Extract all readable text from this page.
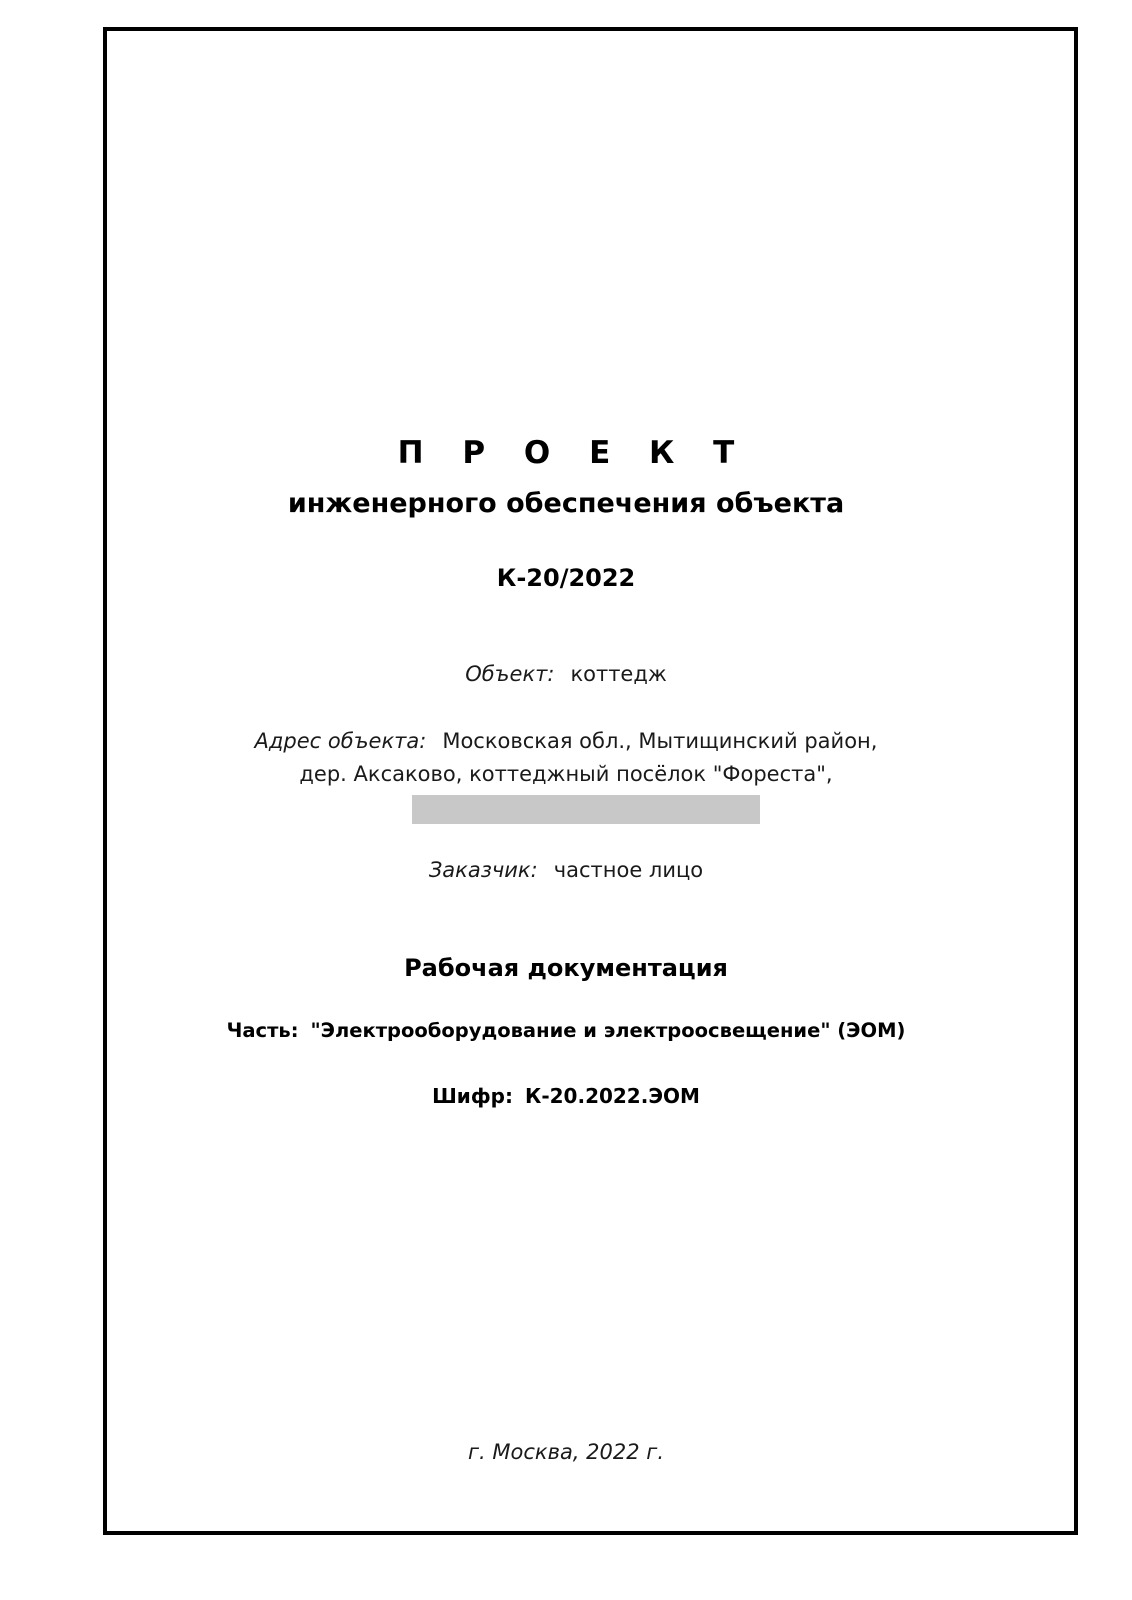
П Р О Е К Т
инженерного обеспечения объекта
К-20/2022
Объект: коттедж
Адрес объекта: Московская обл., Мытищинский район,
дер. Аксаково, коттеджный посёлок "Фореста",
Заказчик: частное лицо
Рабочая документация
Часть: "Электрооборудование и электроосвещение" (ЭОМ)
Шифр: К-20.2022.ЭОМ
г. Москва, 2022 г.
